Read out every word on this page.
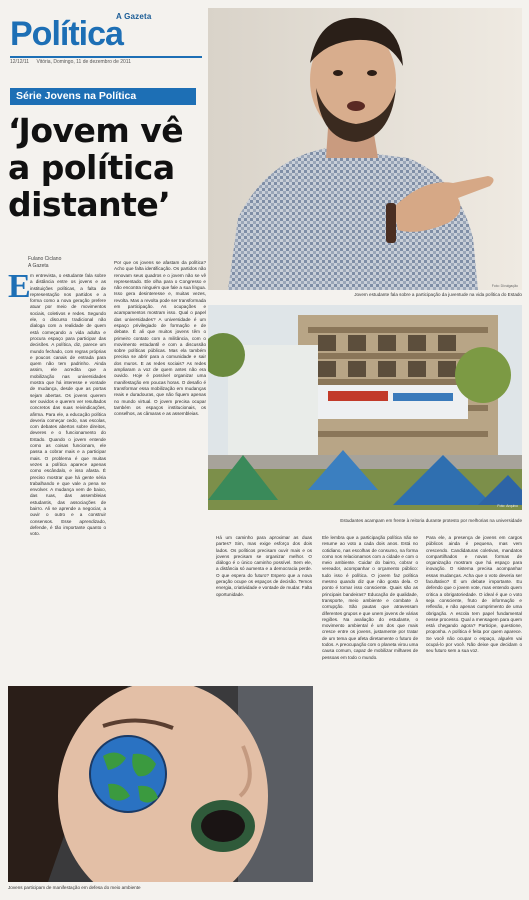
A Gazeta
Política
12/12/11 Vitória, Domingo, 11 de dezembro de 2011
Série Jovens na Política
‘Jovem vê a política distante’
Fulano Ciclano
A Gazeta
E m entrevista, o estudante fala sobre a distância entre os jovens e as instituições políticas, a falta de representação nos partidos e a forma como a nova geração prefere atuar por meio de movimentos sociais, coletivos e redes. Segundo ele, o discurso tradicional não dialoga com a realidade de quem está começando a vida adulta e procura espaço para participar das decisões. A política, diz, parece um mundo fechado, com regras próprias e poucos canais de entrada para quem não tem padrinho. Ainda assim, ele acredita que a mobilização nas universidades mostra que há interesse e vontade de mudança, desde que as portas sejam abertas. Os jovens querem ser ouvidos e querem ver resultados concretos das suas reivindicações, afirma. Para ele, a educação política deveria começar cedo, nas escolas, com debates abertos sobre direitos, deveres e o funcionamento do Estado. Quando o jovem entende como as coisas funcionam, ele passa a cobrar mais e a participar mais. O problema é que muitas vezes a política aparece apenas como escândalo, e isso afasta. É preciso mostrar que há gente séria trabalhando e que vale a pena se envolver. A mudança vem de baixo, das ruas, das assembleias estudantis, das associações de bairro. Ali se aprende a negociar, a ouvir o outro e a construir consensos. Esse aprendizado, defende, é tão importante quanto o voto.

Por que os jovens se afastam da política? Acho que falta identificação. Os partidos não renovam seus quadros e o jovem não se vê representado. Ele olha para o Congresso e não encontra ninguém que fale a sua língua. Isso gera desinteresse e, muitas vezes, revolta. Mas a revolta pode ser transformada em participação. As ocupações e acampamentos mostram isso. Qual o papel das universidades? A universidade é um espaço privilegiado de formação e de debate. É ali que muitos jovens têm o primeiro contato com a militância, com o movimento estudantil e com a discussão sobre políticas públicas. Mas ela também precisa se abrir para a comunidade e sair dos muros. E as redes sociais? As redes ampliaram a voz de quem antes não era ouvido. Hoje é possível organizar uma manifestação em poucas horas. O desafio é transformar essa mobilização em mudanças reais e duradouras, que não fiquem apenas no mundo virtual. O jovem precisa ocupar também os espaços institucionais, os conselhos, as câmaras e as assembleias.

Foto: Divulgação
Jovem estudante fala sobre a participação da juventude na vida política do Estado
Foto: Arquivo
Estudantes acampam em frente à reitoria durante protesto por melhorias na universidade

Há um caminho para aproximar as duas partes? Sim, mas exige esforço dos dois lados. Os políticos precisam ouvir mais e os jovens precisam se organizar melhor. O diálogo é o único caminho possível. Sem ele, a distância só aumenta e a democracia perde. O que espera do futuro? Espero que a nova geração ocupe os espaços de decisão. Temos energia, criatividade e vontade de mudar. Falta oportunidade.

Ele lembra que a participação política não se resume ao voto a cada dois anos. Está no cotidiano, nas escolhas de consumo, na forma como nos relacionamos com a cidade e com o meio ambiente. Cuidar do bairro, cobrar o vereador, acompanhar o orçamento público: tudo isso é política. O jovem faz política mesmo quando diz que não gosta dela. O ponto é tornar isso consciente. Quais são as principais bandeiras? Educação de qualidade, transporte, meio ambiente e combate à corrupção. São pautas que atravessam diferentes grupos e que unem jovens de várias regiões. Na avaliação do estudante, o movimento ambiental é um dos que mais cresce entre os jovens, justamente por tratar de um tema que afeta diretamente o futuro de todos. A preocupação com o planeta virou uma causa comum, capaz de mobilizar milhares de pessoas em todo o mundo.

Para ele, a presença de jovens em cargos públicos ainda é pequena, mas vem crescendo. Candidaturas coletivas, mandatos compartilhados e novas formas de organização mostram que há espaço para inovação. O sistema precisa acompanhar essas mudanças. Acha que o voto deveria ser facultativo? É um debate importante. Eu defendo que o jovem vote, mas entendo quem critica a obrigatoriedade. O ideal é que o voto seja consciente, fruto de informação e reflexão, e não apenas cumprimento de uma obrigação. A escola tem papel fundamental nesse processo. Qual a mensagem para quem está chegando agora? Participe, questione, proponha. A política é feita por quem aparece. Se você não ocupar o espaço, alguém vai ocupá-lo por você. Não deixe que decidam o seu futuro sem a sua voz.

Jovens participam de manifestação em defesa do meio ambiente
